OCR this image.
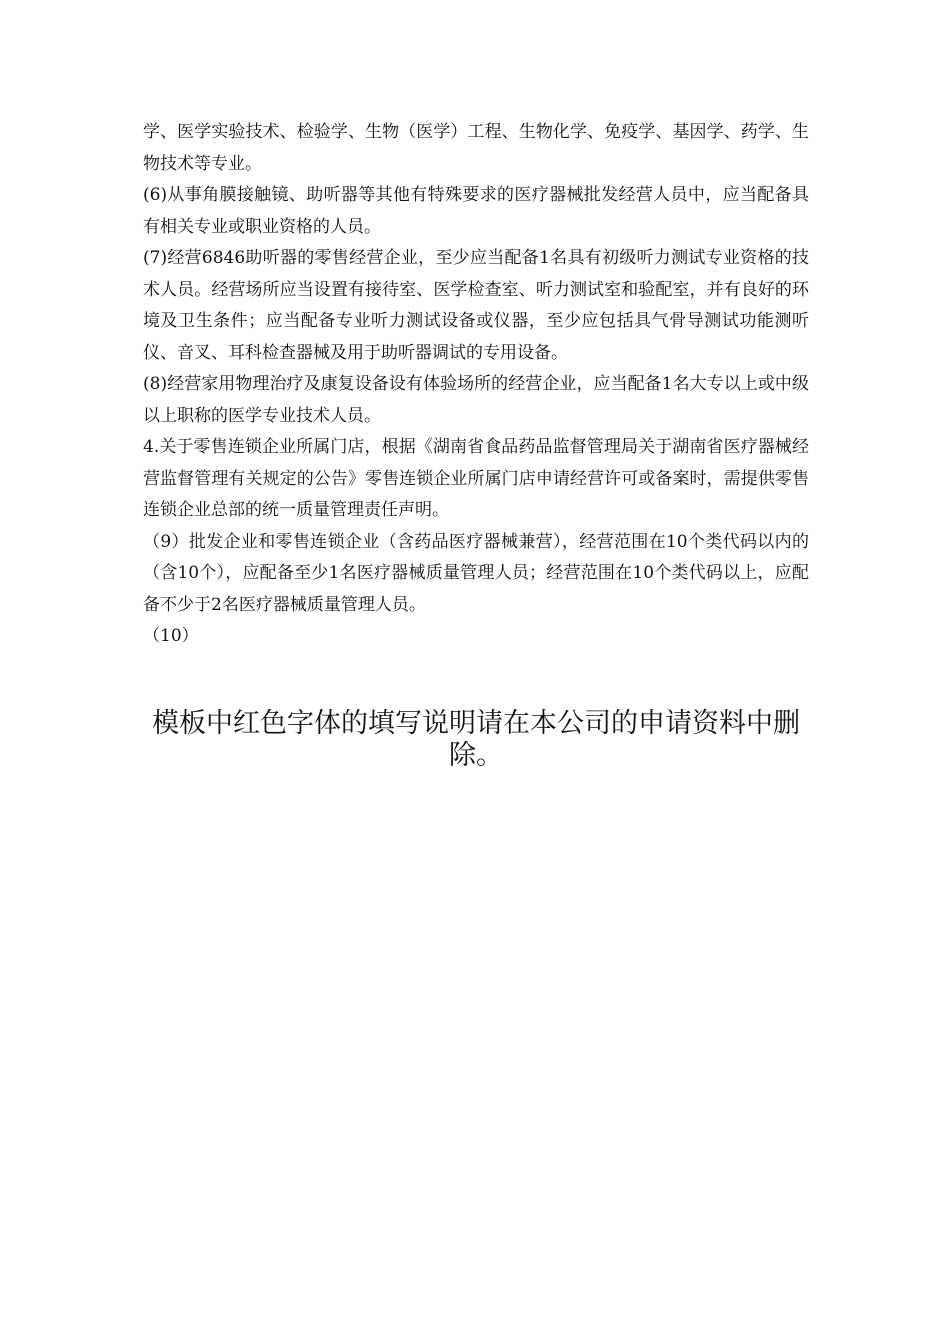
学、医学实验技术、检验学、生物（医学）工程、生物化学、免疫学、基因学、药学、生物技术等专业。

(6)从事角膜接触镜、助听器等其他有特殊要求的医疗器械批发经营人员中，应当配备具有相关专业或职业资格的人员。

(7)经营6846助听器的零售经营企业，至少应当配备1名具有初级听力测试专业资格的技术人员。经营场所应当设置有接待室、医学检查室、听力测试室和验配室，并有良好的环境及卫生条件；应当配备专业听力测试设备或仪器，至少应包括具气骨导测试功能测听仪、音叉、耳科检查器械及用于助听器调试的专用设备。

(8)经营家用物理治疗及康复设备设有体验场所的经营企业，应当配备1名大专以上或中级以上职称的医学专业技术人员。

4.关于零售连锁企业所属门店，根据《湖南省食品药品监督管理局关于湖南省医疗器械经营监督管理有关规定的公告》零售连锁企业所属门店申请经营许可或备案时，需提供零售连锁企业总部的统一质量管理责任声明。

（9）批发企业和零售连锁企业（含药品医疗器械兼营），经营范围在10个类代码以内的（含10个），应配备至少1名医疗器械质量管理人员；经营范围在10个类代码以上，应配备不少于2名医疗器械质量管理人员。

（10）

模板中红色字体的填写说明请在本公司的申请资料中删除。
